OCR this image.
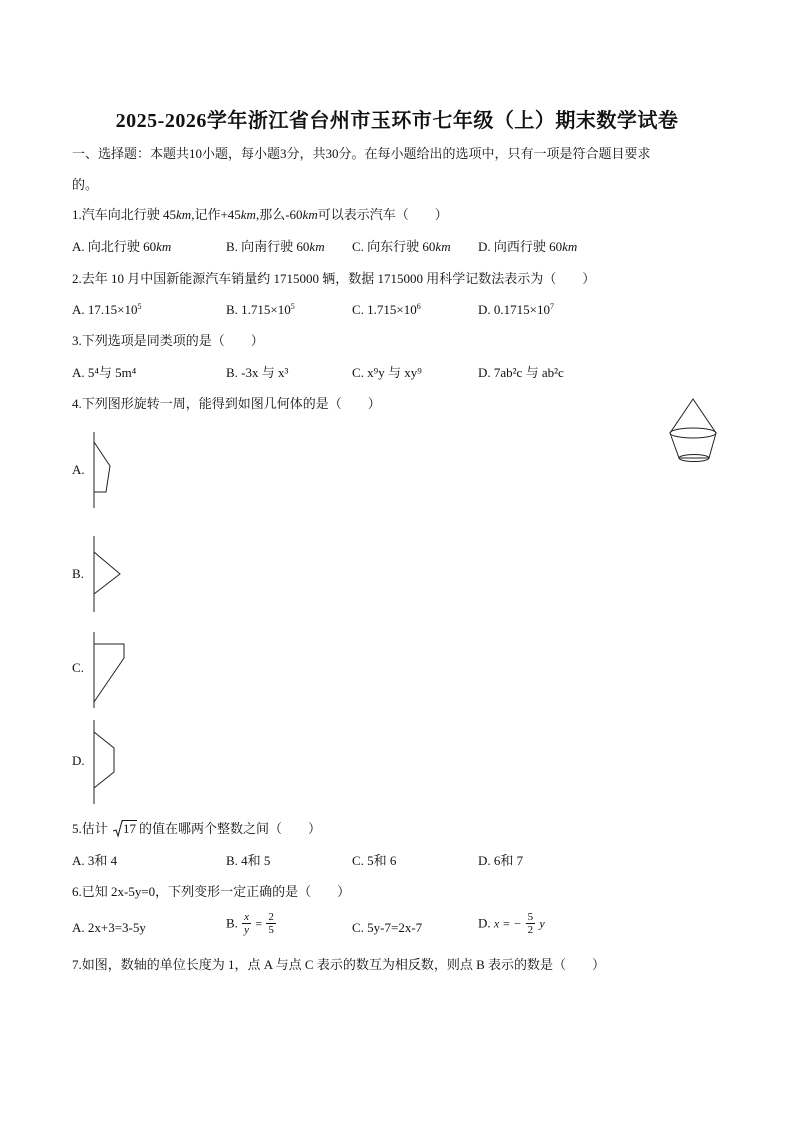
2025-2026学年浙江省台州市玉环市七年级（上）期末数学试卷
一、选择题：本题共10小题，每小题3分，共30分。在每小题给出的选项中，只有一项是符合题目要求
的。
1.汽车向北行驶 45km,记作+45km,那么-60km可以表示汽车（　　）
A. 向北行驶 60km	B. 向南行驶 60km C. 向东行驶 60km D. 向西行驶 60km
2.去年 10 月中国新能源汽车销量约 1715000 辆，数据 1715000 用科学记数法表示为（　　）
A. $17.15\times 10^5$	B. $1.715\times 10^5$	C. $1.715\times 10^6$	D. $0.1715\times 10^7$
3.下列选项是同类项的是（　　）
A. 5⁴与 5m⁴	B. -3x 与 x³	C. x⁹y 与 xy⁹	D. 7ab²c 与 ab²c
4.下列图形旋转一周，能得到如图几何体的是（　　）
A.
B.
C.
D.
5.估计 17 的值在哪两个整数之间（　　）
A. 3和 4	B. 4和 5	C. 5和 6	D. 6和 7
6.已知 2x-5y=0，下列变形一定正确的是（　　）
A. 2x+3=3-5y	B. $\frac{x}{y} = \frac{2}{5}$	C. 5y-7=2x-7	D. x = − $\frac{5}{2}$ y
7.如图，数轴的单位长度为 1，点 A 与点 C 表示的数互为相反数，则点 B 表示的数是（　　）
